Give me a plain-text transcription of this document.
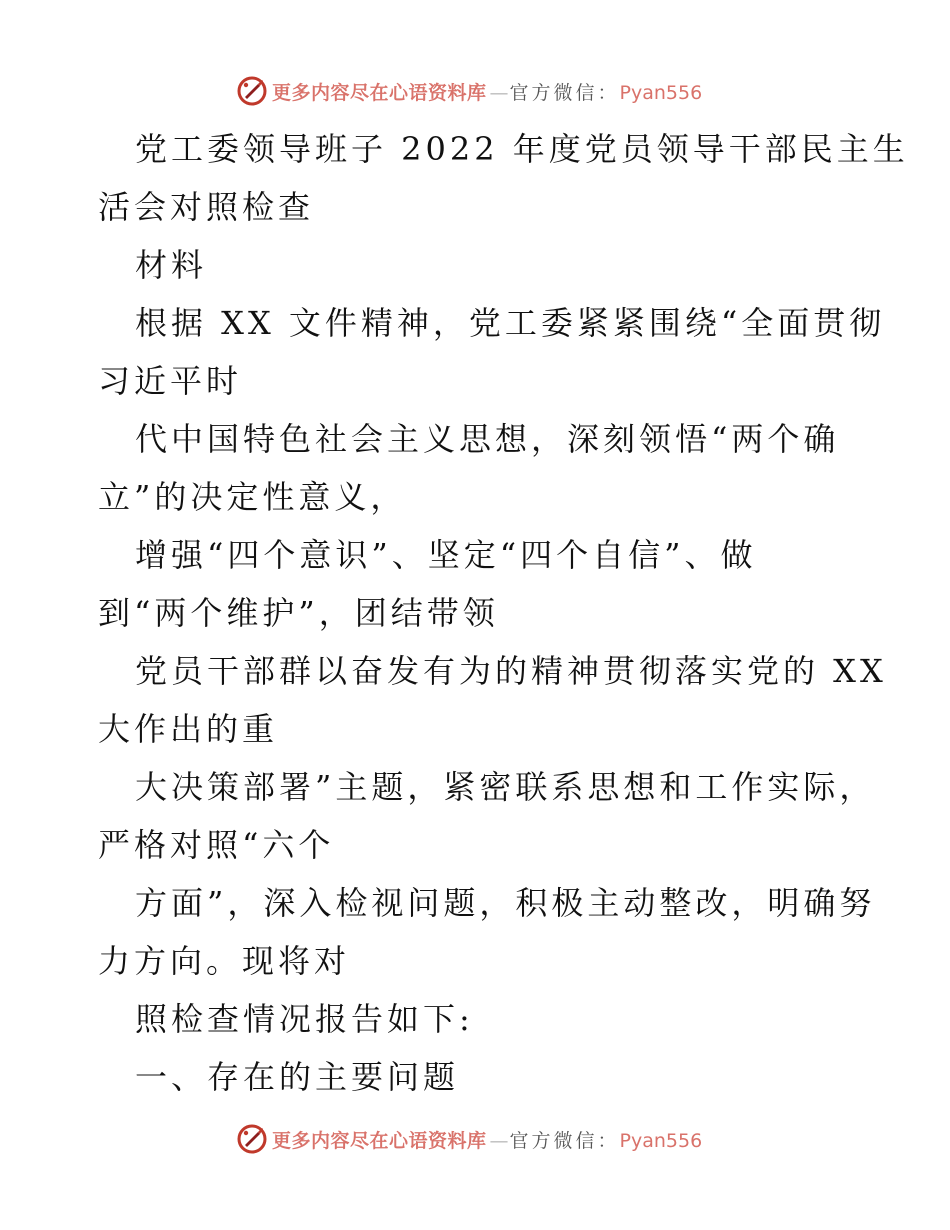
更多内容尽在心语资料库 — 官方微信：Pyan556
党工委领导班子 2022 年度党员领导干部民主生
活会对照检查
材料
根据 XX 文件精神，党工委紧紧围绕“全面贯彻
习近平时
代中国特色社会主义思想，深刻领悟“两个确
立”的决定性意义，
增强“四个意识”、坚定“四个自信”、做
到“两个维护”，团结带领
党员干部群以奋发有为的精神贯彻落实党的 XX
大作出的重
大决策部署”主题，紧密联系思想和工作实际，
严格对照“六个
方面”，深入检视问题，积极主动整改，明确努
力方向。现将对
照检查情况报告如下:
一、存在的主要问题
更多内容尽在心语资料库 — 官方微信：Pyan556
